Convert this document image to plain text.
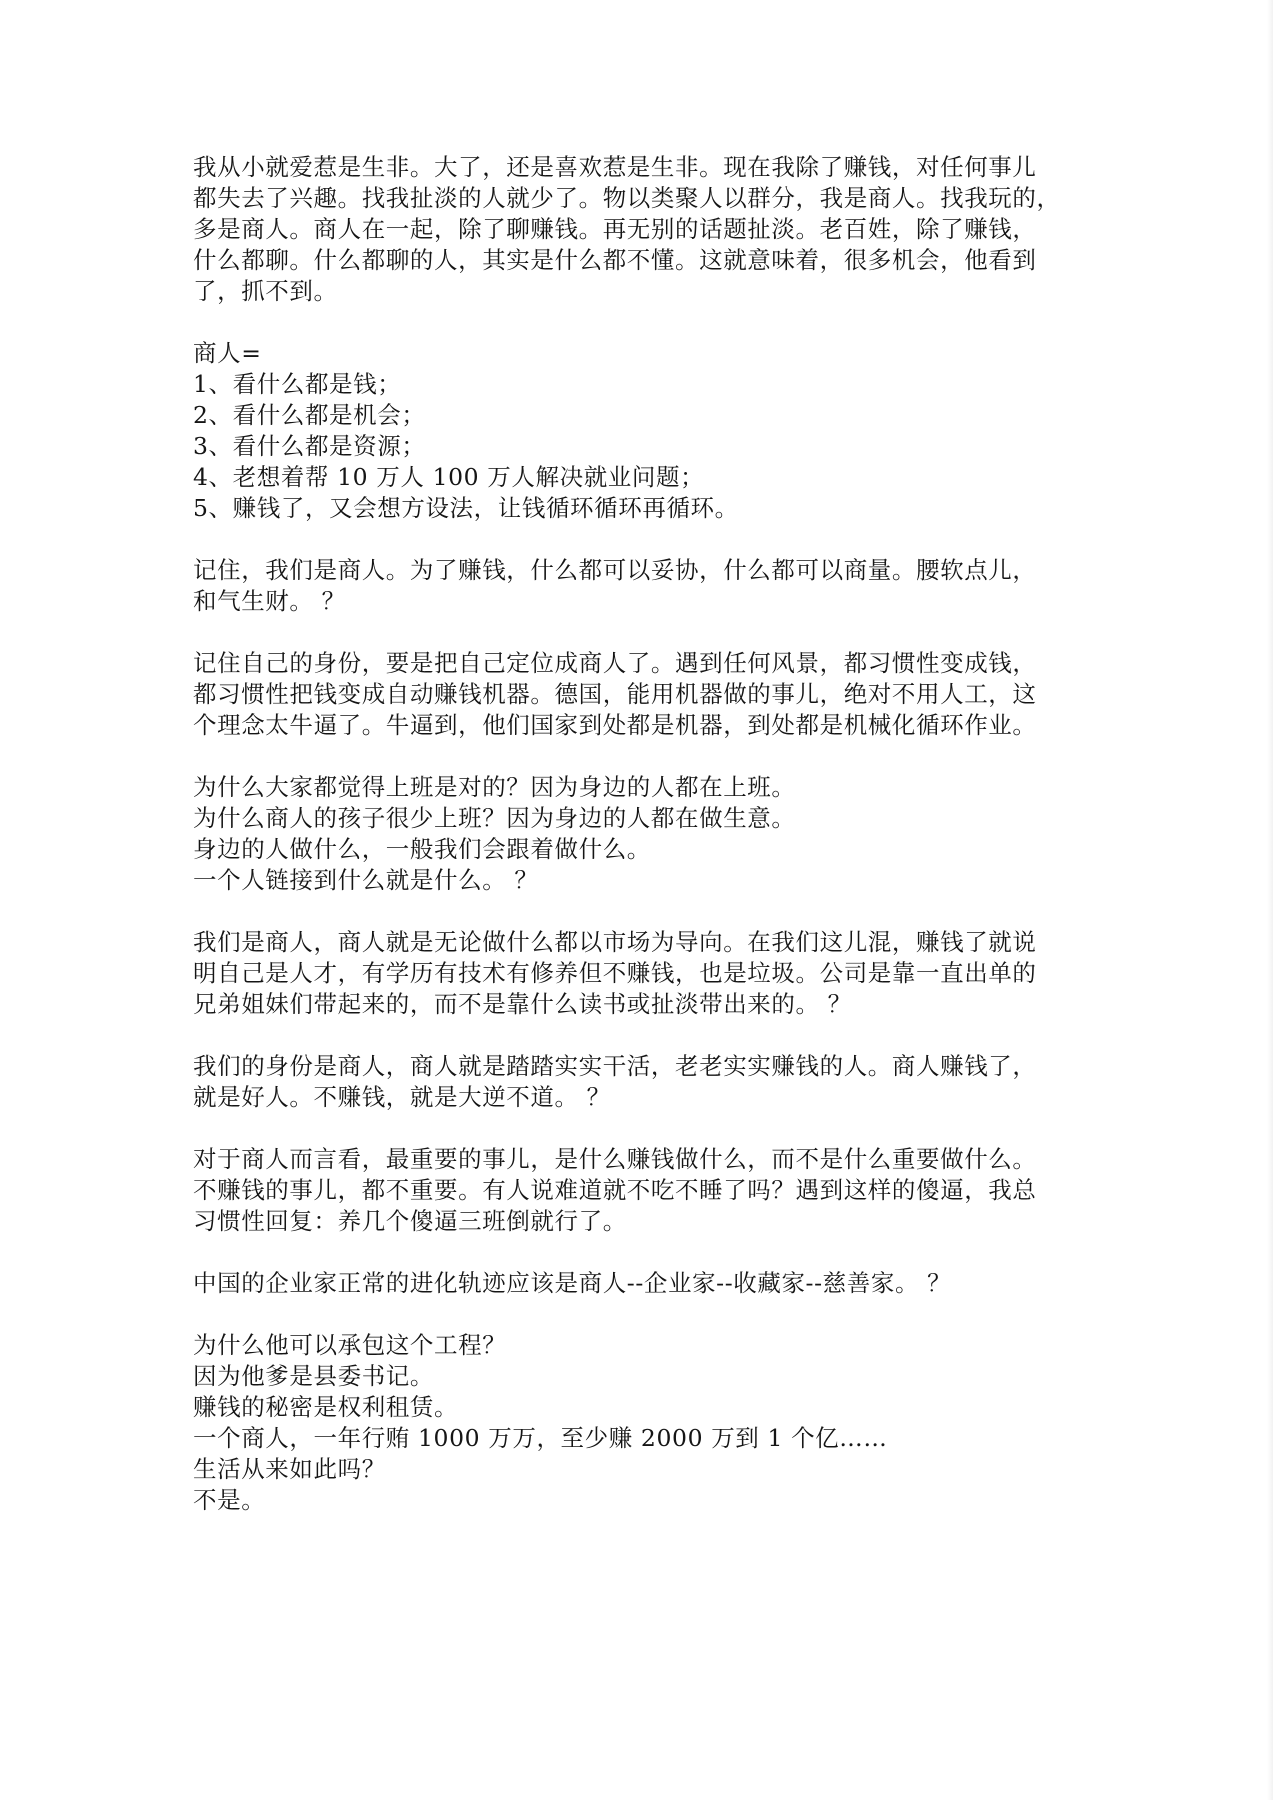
我从小就爱惹是生非。大了，还是喜欢惹是生非。现在我除了赚钱，对任何事儿
都失去了兴趣。找我扯淡的人就少了。物以类聚人以群分，我是商人。找我玩的，
多是商人。商人在一起，除了聊赚钱。再无别的话题扯淡。老百姓，除了赚钱，
什么都聊。什么都聊的人，其实是什么都不懂。这就意味着，很多机会，他看到
了，抓不到。
商人=
1、看什么都是钱；
2、看什么都是机会；
3、看什么都是资源；
4、老想着帮 10 万人 100 万人解决就业问题；
5、赚钱了，又会想方设法，让钱循环循环再循环。
记住，我们是商人。为了赚钱，什么都可以妥协，什么都可以商量。腰软点儿，
和气生财。 ？
记住自己的身份，要是把自己定位成商人了。遇到任何风景，都习惯性变成钱，
都习惯性把钱变成自动赚钱机器。德国，能用机器做的事儿，绝对不用人工，这
个理念太牛逼了。牛逼到，他们国家到处都是机器，到处都是机械化循环作业。
为什么大家都觉得上班是对的？因为身边的人都在上班。
为什么商人的孩子很少上班？因为身边的人都在做生意。
身边的人做什么，一般我们会跟着做什么。
一个人链接到什么就是什么。 ？
我们是商人，商人就是无论做什么都以市场为导向。在我们这儿混，赚钱了就说
明自己是人才，有学历有技术有修养但不赚钱，也是垃圾。公司是靠一直出单的
兄弟姐妹们带起来的，而不是靠什么读书或扯淡带出来的。 ？
我们的身份是商人，商人就是踏踏实实干活，老老实实赚钱的人。商人赚钱了，
就是好人。不赚钱，就是大逆不道。 ？
对于商人而言看，最重要的事儿，是什么赚钱做什么，而不是什么重要做什么。
不赚钱的事儿，都不重要。有人说难道就不吃不睡了吗？遇到这样的傻逼，我总
习惯性回复：养几个傻逼三班倒就行了。
中国的企业家正常的进化轨迹应该是商人--企业家--收藏家--慈善家。 ？
为什么他可以承包这个工程？
因为他爹是县委书记。
赚钱的秘密是权利租赁。
一个商人，一年行贿 1000 万万，至少赚 2000 万到 1 个亿……
生活从来如此吗？
不是。
